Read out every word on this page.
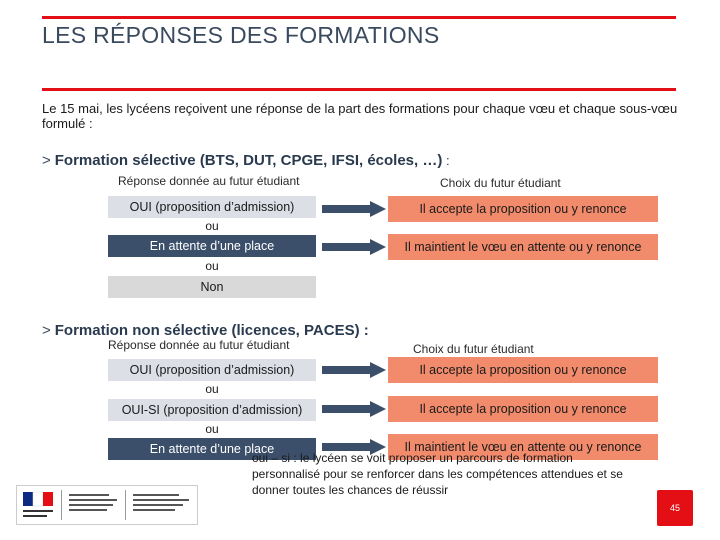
LES RÉPONSES DES FORMATIONS
Le 15 mai, les lycéens reçoivent une réponse de la part des formations pour chaque vœu et chaque sous-vœu formulé :
> Formation sélective (BTS, DUT, CPGE, IFSI, écoles, …) :
Réponse donnée au futur étudiant	Choix du futur étudiant
OUI (proposition d’admission)
ou
En attente d’une place
ou
Non
Il accepte la proposition ou y renonce
Il maintient le vœu en attente ou y renonce
> Formation non sélective (licences, PACES) :
Réponse donnée au futur étudiant	Choix du futur étudiant
OUI (proposition d’admission)
ou
OUI-SI (proposition d’admission)
ou
En attente d’une place
Il accepte la proposition ou y renonce
Il accepte la proposition ou y renonce
Il maintient le vœu en attente ou y renonce
oui – si : le lycéen se voit proposer un parcours de formation personnalisé pour se renforcer dans les compétences attendues et se donner toutes les chances de réussir
45
